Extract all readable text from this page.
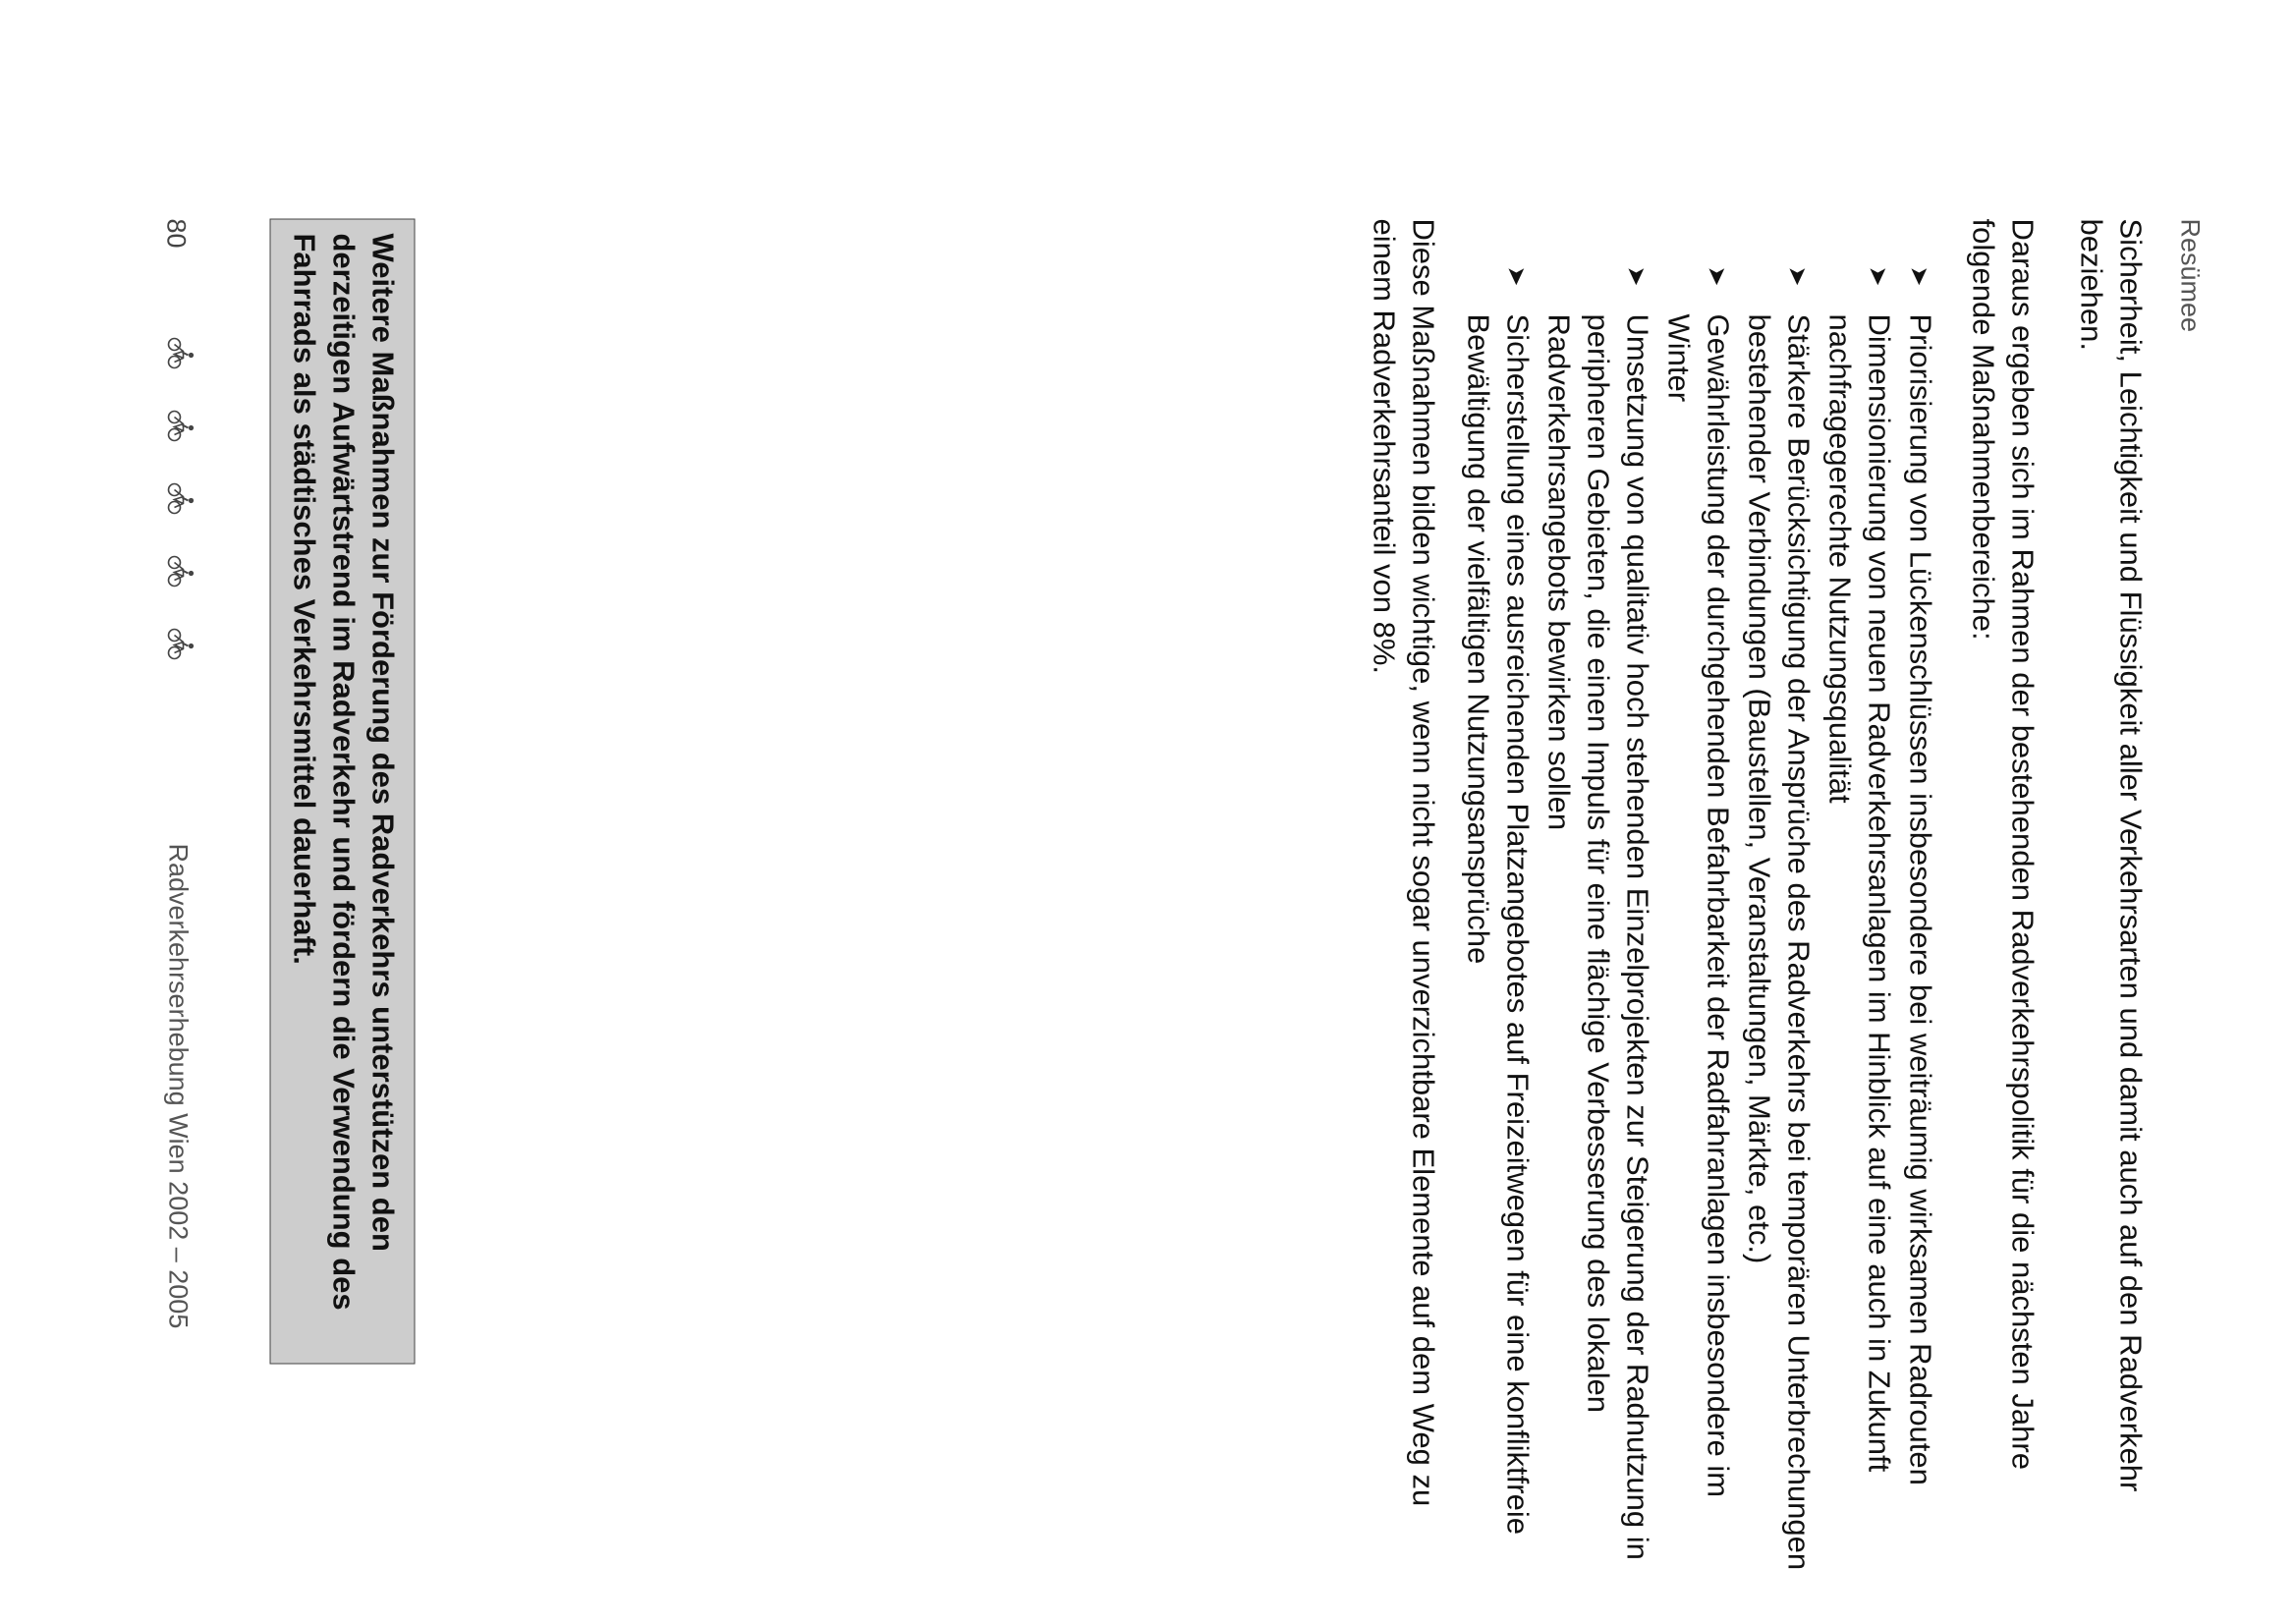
Resümee

Sicherheit, Leichtigkeit und Flüssigkeit aller Verkehrsarten und damit auch auf den Radverkehr beziehen.

Daraus ergeben sich im Rahmen der bestehenden Radverkehrspolitik für die nächsten Jahre folgende Maßnahmenbereiche:

➤
Priorisierung von Lückenschlüssen insbesondere bei weiträumig wirksamen Radrouten
➤
Dimensionierung von neuen Radverkehrsanlagen im Hinblick auf eine auch in Zukunft nachfragegerechte Nutzungsqualität
➤
Stärkere Berücksichtigung der Ansprüche des Radverkehrs bei temporären Unterbrechungen bestehender Verbindungen (Baustellen, Veranstaltungen, Märkte, etc.)
➤
Gewährleistung der durchgehenden Befahrbarkeit der Radfahranlagen insbesondere im Winter
➤
Umsetzung von qualitativ hoch stehenden Einzelprojekten zur Steigerung der Radnutzung in peripheren Gebieten, die einen Impuls für eine flächige Verbesserung des lokalen Radverkehrsangebots bewirken sollen
➤
Sicherstellung eines ausreichenden Platzangebotes auf Freizeitwegen für eine konfliktfreie Bewältigung der vielfältigen Nutzungsansprüche

Diese Maßnahmen bilden wichtige, wenn nicht sogar unverzichtbare Elemente auf dem Weg zu einem Radverkehrsanteil von 8%.

Weitere Maßnahmen zur Förderung des Radverkehrs unterstützen den derzeitigen Aufwärtstrend im Radverkehr und fördern die Verwendung des Fahrrads als städtisches Verkehrsmittel dauerhaft.
80
Radverkehrserhebung Wien 2002 – 2005
